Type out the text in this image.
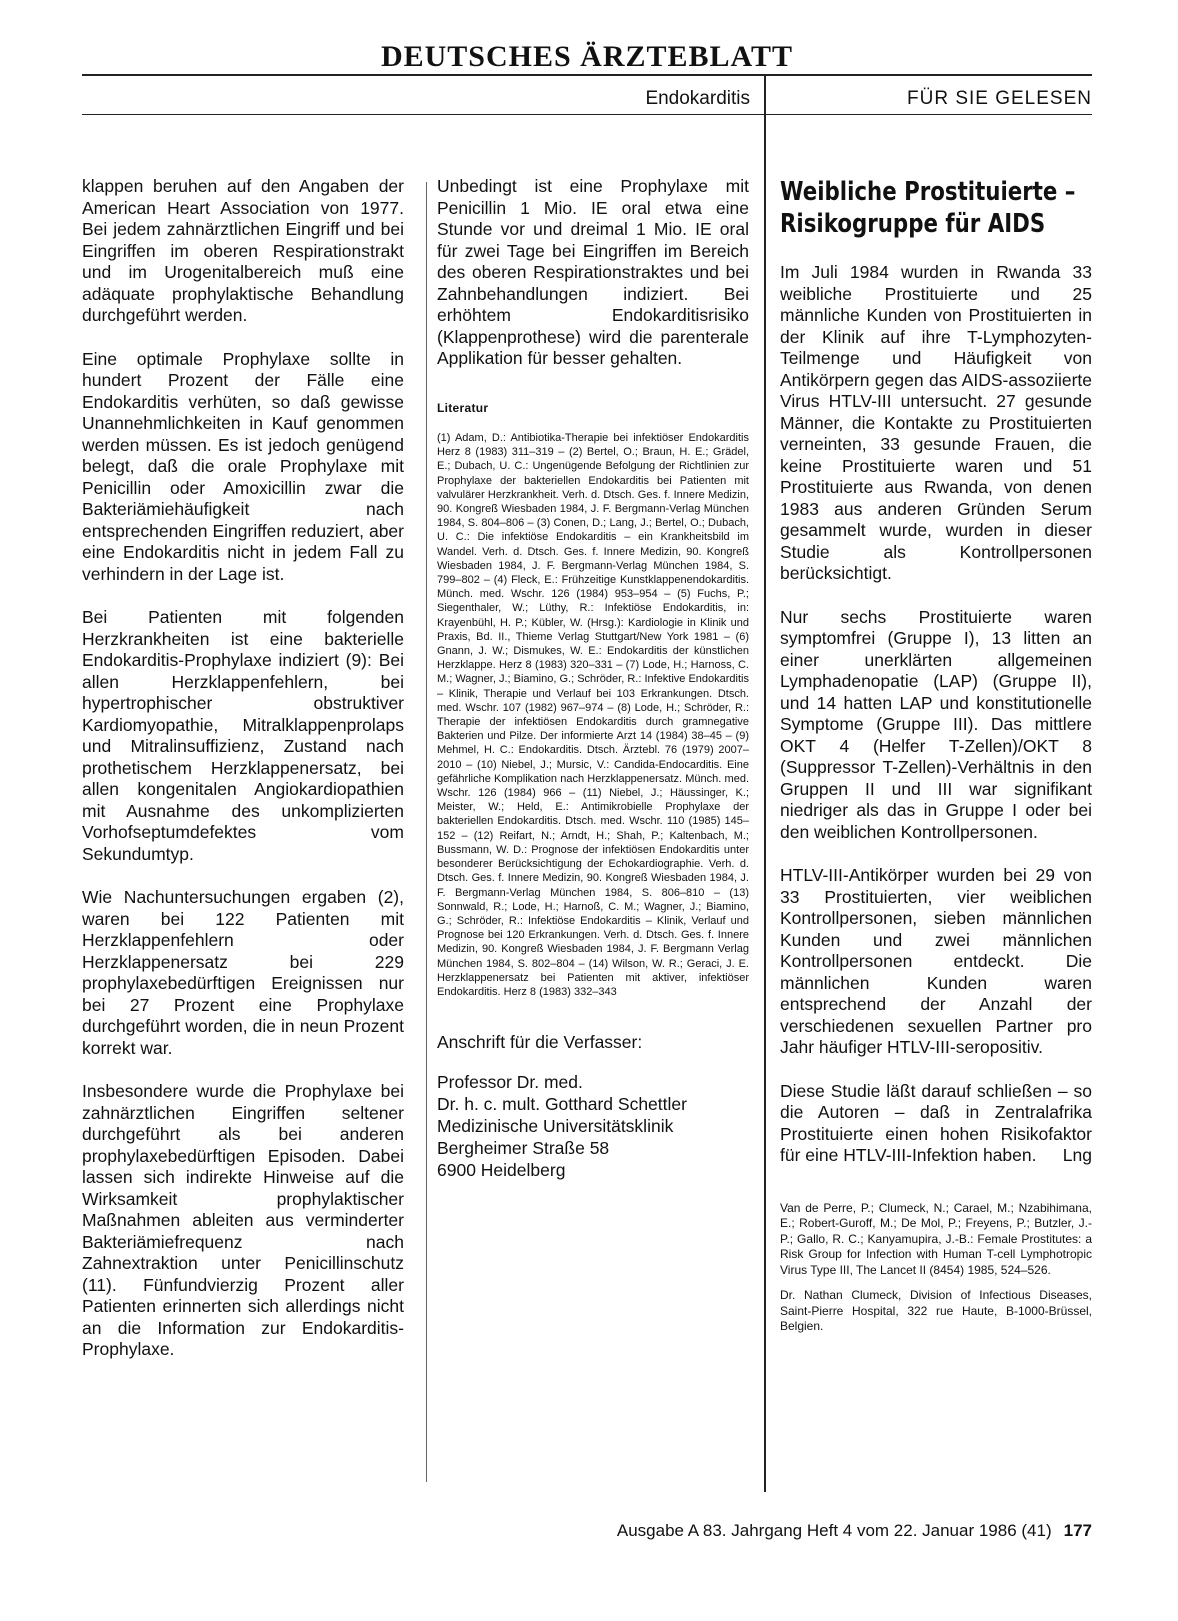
DEUTSCHES ÄRZTEBLATT
Endokarditis	FÜR SIE GELESEN

klappen beruhen auf den Angaben der American Heart Association von 1977. Bei jedem zahnärztlichen Eingriff und bei Eingriffen im oberen Respirationstrakt und im Urogenitalbereich muß eine adäquate prophylaktische Behandlung durchgeführt werden.

Eine optimale Prophylaxe sollte in hundert Prozent der Fälle eine Endokarditis verhüten, so daß gewisse Unannehmlichkeiten in Kauf genommen werden müssen. Es ist jedoch genügend belegt, daß die orale Prophylaxe mit Penicillin oder Amoxicillin zwar die Bakteriämiehäufigkeit nach entsprechenden Eingriffen reduziert, aber eine Endokarditis nicht in jedem Fall zu verhindern in der Lage ist.

Bei Patienten mit folgenden Herzkrankheiten ist eine bakterielle Endokarditis-Prophylaxe indiziert (9): Bei allen Herzklappenfehlern, bei hypertrophischer obstruktiver Kardiomyopathie, Mitralklappenprolaps und Mitralinsuffizienz, Zustand nach prothetischem Herzklappenersatz, bei allen kongenitalen Angiokardiopathien mit Ausnahme des unkomplizierten Vorhofseptumdefektes vom Sekundumtyp.

Wie Nachuntersuchungen ergaben (2), waren bei 122 Patienten mit Herzklappenfehlern oder Herzklappenersatz bei 229 prophylaxebedürftigen Ereignissen nur bei 27 Prozent eine Prophylaxe durchgeführt worden, die in neun Prozent korrekt war.

Insbesondere wurde die Prophylaxe bei zahnärztlichen Eingriffen seltener durchgeführt als bei anderen prophylaxebedürftigen Episoden. Dabei lassen sich indirekte Hinweise auf die Wirksamkeit prophylaktischer Maßnahmen ableiten aus verminderter Bakteriämiefrequenz nach Zahnextraktion unter Penicillinschutz (11). Fünfundvierzig Prozent aller Patienten erinnerten sich allerdings nicht an die Information zur Endokarditis-Prophylaxe.

Unbedingt ist eine Prophylaxe mit Penicillin 1 Mio. IE oral etwa eine Stunde vor und dreimal 1 Mio. IE oral für zwei Tage bei Eingriffen im Bereich des oberen Respirationstraktes und bei Zahnbehandlungen indiziert. Bei erhöhtem Endokarditisrisiko (Klappenprothese) wird die parenterale Applikation für besser gehalten.

Literatur
(1) Adam, D.: Antibiotika-Therapie bei infektiöser Endokarditis Herz 8 (1983) 311–319 – (2) Bertel, O.; Braun, H. E.; Grädel, E.; Dubach, U. C.: Ungenügende Befolgung der Richtlinien zur Prophylaxe der bakteriellen Endokarditis bei Patienten mit valvulärer Herzkrankheit. Verh. d. Dtsch. Ges. f. Innere Medizin, 90. Kongreß Wiesbaden 1984, J. F. Bergmann-Verlag München 1984, S. 804–806 – (3) Conen, D.; Lang, J.; Bertel, O.; Dubach, U. C.: Die infektiöse Endokarditis – ein Krankheitsbild im Wandel. Verh. d. Dtsch. Ges. f. Innere Medizin, 90. Kongreß Wiesbaden 1984, J. F. Bergmann-Verlag München 1984, S. 799–802 – (4) Fleck, E.: Frühzeitige Kunstklappenendokarditis. Münch. med. Wschr. 126 (1984) 953–954 – (5) Fuchs, P.; Siegenthaler, W.; Lüthy, R.: Infektiöse Endokarditis, in: Krayenbühl, H. P.; Kübler, W. (Hrsg.): Kardiologie in Klinik und Praxis, Bd. II., Thieme Verlag Stuttgart/New York 1981 – (6) Gnann, J. W.; Dismukes, W. E.: Endokarditis der künstlichen Herzklappe. Herz 8 (1983) 320–331 – (7) Lode, H.; Harnoss, C. M.; Wagner, J.; Biamino, G.; Schröder, R.: Infektive Endokarditis – Klinik, Therapie und Verlauf bei 103 Erkrankungen. Dtsch. med. Wschr. 107 (1982) 967–974 – (8) Lode, H.; Schröder, R.: Therapie der infektiösen Endokarditis durch gramnegative Bakterien und Pilze. Der informierte Arzt 14 (1984) 38–45 – (9) Mehmel, H. C.: Endokarditis. Dtsch. Ärztebl. 76 (1979) 2007–2010 – (10) Niebel, J.; Mursic, V.: Candida-Endocarditis. Eine gefährliche Komplikation nach Herzklappenersatz. Münch. med. Wschr. 126 (1984) 966 – (11) Niebel, J.; Häussinger, K.; Meister, W.; Held, E.: Antimikrobielle Prophylaxe der bakteriellen Endokarditis. Dtsch. med. Wschr. 110 (1985) 145–152 – (12) Reifart, N.; Arndt, H.; Shah, P.; Kaltenbach, M.; Bussmann, W. D.: Prognose der infektiösen Endokarditis unter besonderer Berücksichtigung der Echokardiographie. Verh. d. Dtsch. Ges. f. Innere Medizin, 90. Kongreß Wiesbaden 1984, J. F. Bergmann-Verlag München 1984, S. 806–810 – (13) Sonnwald, R.; Lode, H.; Harnoß, C. M.; Wagner, J.; Biamino, G.; Schröder, R.: Infektiöse Endokarditis – Klinik, Verlauf und Prognose bei 120 Erkrankungen. Verh. d. Dtsch. Ges. f. Innere Medizin, 90. Kongreß Wiesbaden 1984, J. F. Bergmann Verlag München 1984, S. 802–804 – (14) Wilson, W. R.; Geraci, J. E. Herzklappenersatz bei Patienten mit aktiver, infektiöser Endokarditis. Herz 8 (1983) 332–343
Anschrift für die Verfasser:
Professor Dr. med.
Dr. h. c. mult. Gotthard Schettler
Medizinische Universitätsklinik
Bergheimer Straße 58
6900 Heidelberg
Weibliche Prostituierte – Risikogruppe für AIDS

Im Juli 1984 wurden in Rwanda 33 weibliche Prostituierte und 25 männliche Kunden von Prostituierten in der Klinik auf ihre T-Lymphozyten-Teilmenge und Häufigkeit von Antikörpern gegen das AIDS-assoziierte Virus HTLV-III untersucht. 27 gesunde Männer, die Kontakte zu Prostituierten verneinten, 33 gesunde Frauen, die keine Prostituierte waren und 51 Prostituierte aus Rwanda, von denen 1983 aus anderen Gründen Serum gesammelt wurde, wurden in dieser Studie als Kontrollpersonen berücksichtigt.

Nur sechs Prostituierte waren symptomfrei (Gruppe I), 13 litten an einer unerklärten allgemeinen Lymphadenopatie (LAP) (Gruppe II), und 14 hatten LAP und konstitutionelle Symptome (Gruppe III). Das mittlere OKT 4 (Helfer T-Zellen)/OKT 8 (Suppressor T-Zellen)-Verhältnis in den Gruppen II und III war signifikant niedriger als das in Gruppe I oder bei den weiblichen Kontrollpersonen.

HTLV-III-Antikörper wurden bei 29 von 33 Prostituierten, vier weiblichen Kontrollpersonen, sieben männlichen Kunden und zwei männlichen Kontrollpersonen entdeckt. Die männlichen Kunden waren entsprechend der Anzahl der verschiedenen sexuellen Partner pro Jahr häufiger HTLV-III-seropositiv.

Diese Studie läßt darauf schließen – so die Autoren – daß in Zentralafrika Prostituierte einen hohen Risikofaktor für eine HTLV-III-Infektion haben. Lng

Van de Perre, P.; Clumeck, N.; Carael, M.; Nzabihimana, E.; Robert-Guroff, M.; De Mol, P.; Freyens, P.; Butzler, J.-P.; Gallo, R. C.; Kanyamupira, J.-B.: Female Prostitutes: a Risk Group for Infection with Human T-cell Lymphotropic Virus Type III, The Lancet II (8454) 1985, 524–526.
Dr. Nathan Clumeck, Division of Infectious Diseases, Saint-Pierre Hospital, 322 rue Haute, B-1000-Brüssel, Belgien.
Ausgabe A 83. Jahrgang Heft 4 vom 22. Januar 1986 (41) 177
